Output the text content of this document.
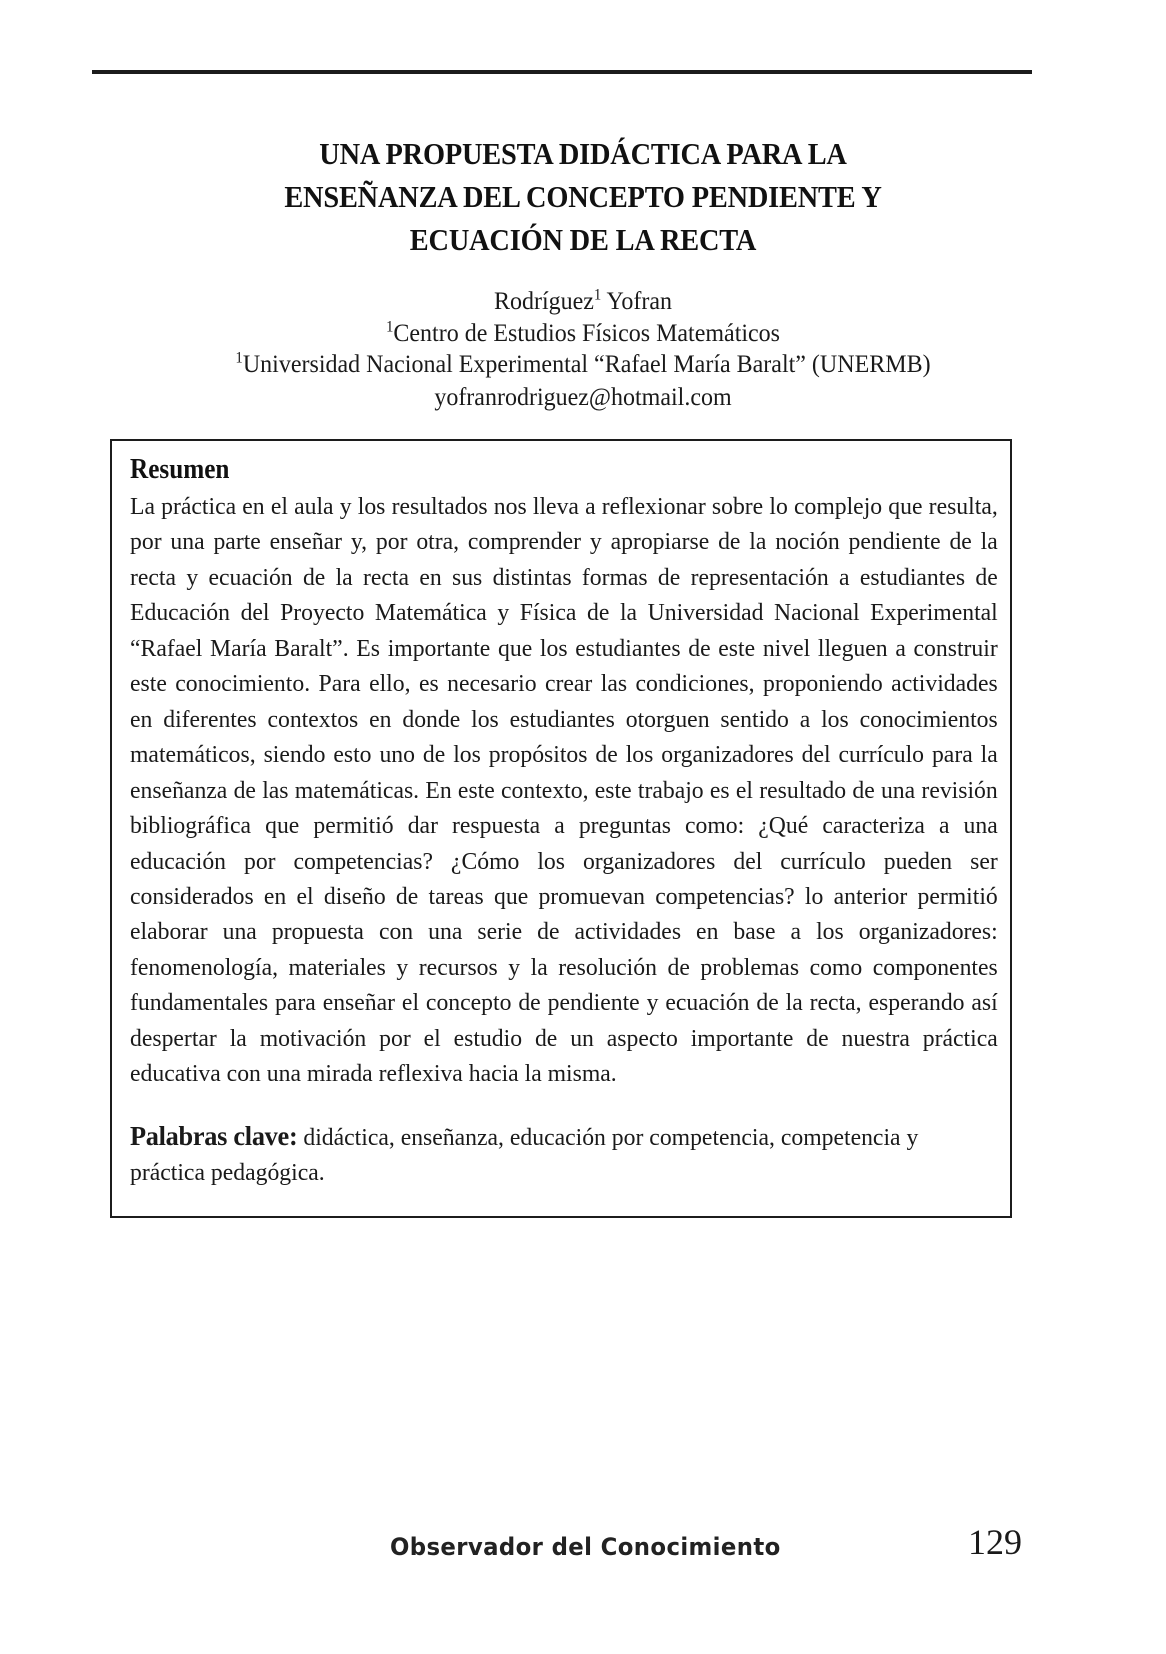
UNA PROPUESTA DIDÁCTICA PARA LA
ENSEÑANZA DEL CONCEPTO PENDIENTE Y
ECUACIÓN DE LA RECTA
Rodríguez$^1$ Yofran
$^1$Centro de Estudios Físicos Matemáticos
$^1$Universidad Nacional Experimental “Rafael María Baralt” (UNERMB)
yofranrodriguez@hotmail.com
Resumen
La práctica en el aula y los resultados nos lleva a reflexionar sobre lo complejo que resulta, por una parte enseñar y, por otra, comprender y apropiarse de la noción pendiente de la recta y ecuación de la recta en sus distintas formas de representación a estudiantes de Educación del Proyecto Matemática y Física de la Universidad Nacional Experimental “Rafael María Baralt”. Es importante que los estudiantes de este nivel lleguen a construir este conocimiento. Para ello, es necesario crear las condiciones, proponiendo actividades en diferentes contextos en donde los estudiantes otorguen sentido a los conocimientos matemáticos, siendo esto uno de los propósitos de los organizadores del currículo para la enseñanza de las matemáticas. En este contexto, este trabajo es el resultado de una revisión bibliográfica que permitió dar respuesta a preguntas como: ¿Qué caracteriza a una educación por competencias? ¿Cómo los organizadores del currículo pueden ser considerados en el diseño de tareas que promuevan competencias? lo anterior permitió elaborar una propuesta con una serie de actividades en base a los organizadores: fenomenología, materiales y recursos y la resolución de problemas como componentes fundamentales para enseñar el concepto de pendiente y ecuación de la recta, esperando así despertar la motivación por el estudio de un aspecto importante de nuestra práctica educativa con una mirada reflexiva hacia la misma.
Palabras clave: didáctica, enseñanza, educación por competencia, competencia y práctica pedagógica.
Observador del Conocimiento	129
